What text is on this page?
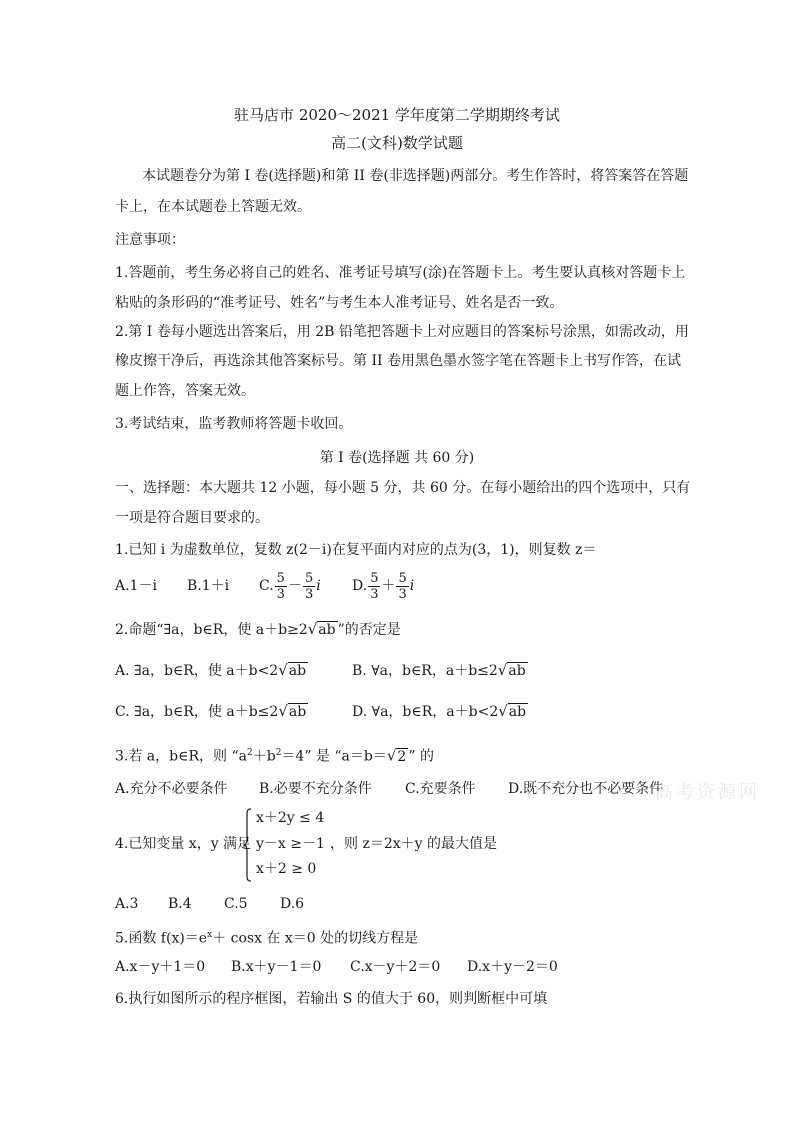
驻马店市 2020～2021 学年度第二学期期终考试
高二(文科)数学试题
本试题卷分为第 I 卷(选择题)和第 II 卷(非选择题)两部分。考生作答时，将答案答在答题
卡上，在本试题卷上答题无效。
注意事项：
1.答题前，考生务必将自己的姓名、准考证号填写(涂)在答题卡上。考生要认真核对答题卡上
粘贴的条形码的“准考证号、姓名”与考生本人准考证号、姓名是否一致。
2.第 I 卷每小题选出答案后，用 2B 铅笔把答题卡上对应题目的答案标号涂黑，如需改动，用
橡皮擦干净后，再选涂其他答案标号。第 II 卷用黑色墨水签字笔在答题卡上书写作答，在试
题上作答，答案无效。
3.考试结束，监考教师将答题卡收回。
第 I 卷(选择题 共 60 分)
一、选择题：本大题共 12 小题，每小题 5 分，共 60 分。在每小题给出的四个选项中，只有
一项是符合题目要求的。
1.已知 i 为虚数单位，复数 z(2－i)在复平面内对应的点为(3，1)，则复数 z＝
A.1－i B.1＋i C. $\frac{5}{3} - \frac{5}{3}$ i D. $\frac{5}{3} + \frac{5}{3}$ i
2.命题“∃a，b∈R，使 a＋b≥2√ab ”的否定是
A. ∃a，b∈R，使 a＋b<2√ab	B. ∀a，b∈R，a＋b≤2√ab
C. ∃a，b∈R，使 a＋b≤2√ab	D. ∀a，b∈R，a＋b<2√ab
3.若 a，b∈R，则 “$a^2+b^2=4$” 是 “a＝b＝√2 ” 的
A.充分不必要条件 B.必要不充分条件 C.充要条件 D.既不充分也不必要条件
高考资源网
4.已知变量 x，y 满足
x＋2y ≤ 4
y－x ≥－1
x＋2 ≥ 0
，则 z＝2x＋y 的最大值是
A.3 B.4 C.5 D.6
5.函数 $f(x)=e^x+ \cos x$ 在 x＝0 处的切线方程是
A.x－y＋1＝0 B.x＋y－1＝0 C.x－y＋2＝0 D.x＋y－2＝0
6.执行如图所示的程序框图，若输出 S 的值大于 60，则判断框中可填
